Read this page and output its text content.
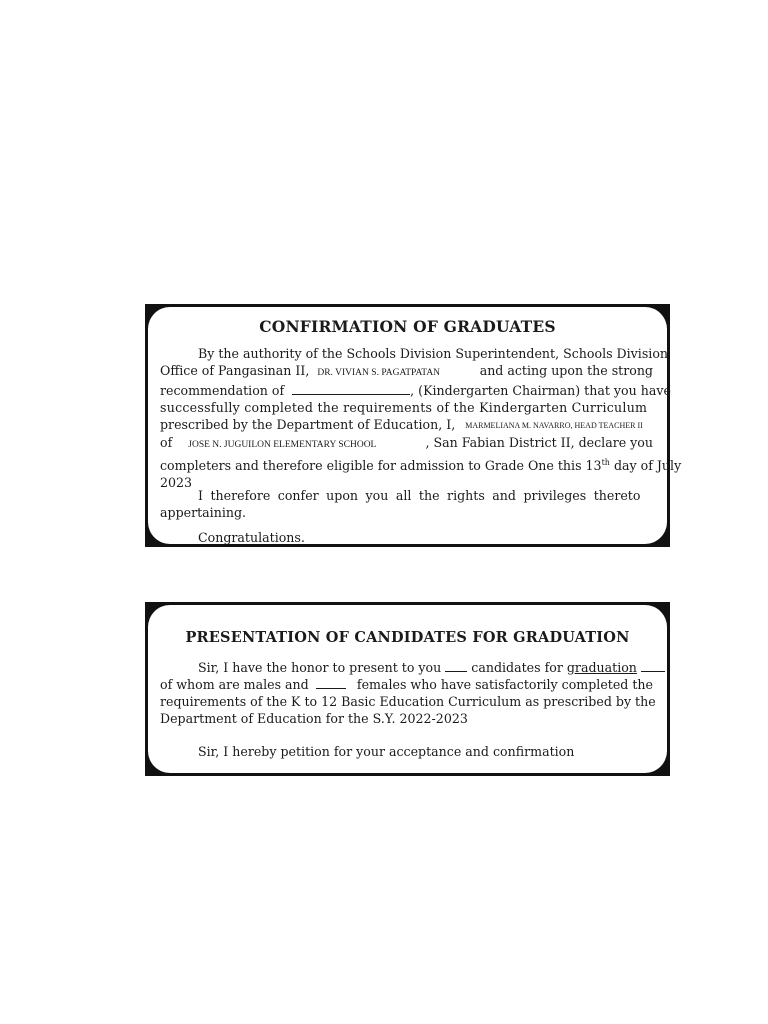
CONFIRMATION OF GRADUATES
By the authority of the Schools Division Superintendent, Schools Division
Office of Pangasinan II, DR. VIVIAN S. PAGATPATAN	and acting upon the strong
recommendation of	, (Kindergarten Chairman) that you have
successfully completed the requirements of the Kindergarten Curriculum
prescribed by the Department of Education, I, MARMELIANA M. NAVARRO, HEAD TEACHER II
of JOSE N. JUGUILON ELEMENTARY SCHOOL	, San Fabian District II, declare you
completers and therefore eligible for admission to Grade One this 13th day of July
2023
I therefore confer upon you all the rights and privileges thereto
appertaining.
Congratulations.
PRESENTATION OF CANDIDATES FOR GRADUATION
Sir, I have the honor to present to you candidates for graduation
of whom are males and	females who have satisfactorily completed the
requirements of the K to 12 Basic Education Curriculum as prescribed by the
Department of Education for the S.Y. 2022-2023
Sir, I hereby petition for your acceptance and confirmation
